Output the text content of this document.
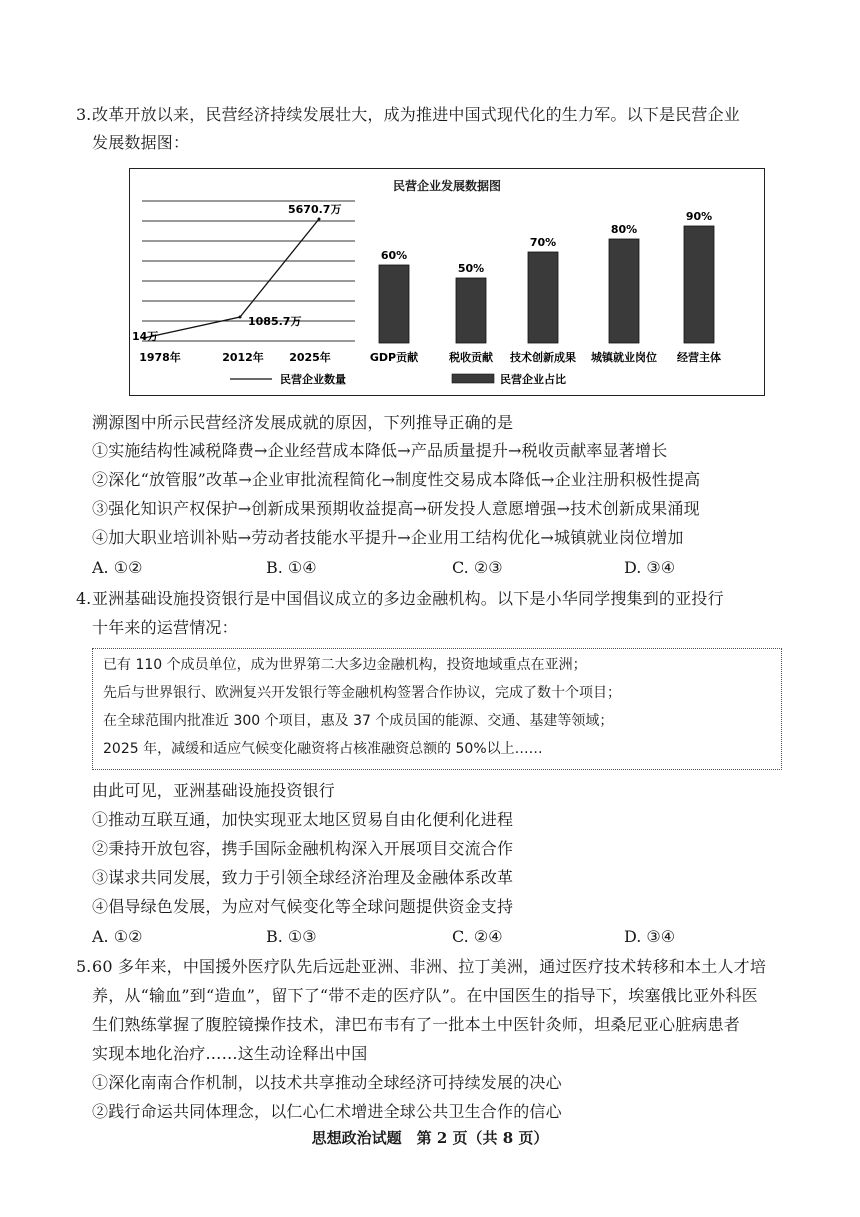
3. 改革开放以来，民营经济持续发展壮大，成为推进中国式现代化的生力军。以下是民营企业
发展数据图：
民营企业发展数据图
14万
1085.7万
5670.7万
1978年	2012年 2025年
60%
GDP贡献
50%
税收贡献
70%
技术创新成果
80%
城镇就业岗位
90%
经营主体
民营企业数量	民营企业占比
溯源图中所示民营经济发展成就的原因，下列推导正确的是
①实施结构性减税降费→企业经营成本降低→产品质量提升→税收贡献率显著增长
②深化“放管服”改革→企业审批流程简化→制度性交易成本降低→企业注册积极性提高
③强化知识产权保护→创新成果预期收益提高→研发投人意愿增强→技术创新成果涌现
④加大职业培训补贴→劳动者技能水平提升→企业用工结构优化→城镇就业岗位增加
A. ①②	B. ①④	C. ②③	D. ③④
4. 亚洲基础设施投资银行是中国倡议成立的多边金融机构。以下是小华同学搜集到的亚投行
十年来的运营情况：
已有 110 个成员单位，成为世界第二大多边金融机构，投资地域重点在亚洲；
先后与世界银行、欧洲复兴开发银行等金融机构签署合作协议，完成了数十个项目；
在全球范围内批准近 300 个项目，惠及 37 个成员国的能源、交通、基建等领域；
2025 年，减缓和适应气候变化融资将占核准融资总额的 50%以上……
由此可见，亚洲基础设施投资银行
①推动互联互通，加快实现亚太地区贸易自由化便利化进程
②秉持开放包容，携手国际金融机构深入开展项目交流合作
③谋求共同发展，致力于引领全球经济治理及金融体系改革
④倡导绿色发展，为应对气候变化等全球问题提供资金支持
A. ①②	B. ①③	C. ②④	D. ③④
5. 60 多年来，中国援外医疗队先后远赴亚洲、非洲、拉丁美洲，通过医疗技术转移和本土人才培
养，从“输血”到“造血”，留下了“带不走的医疗队”。在中国医生的指导下，埃塞俄比亚外科医
生们熟练掌握了腹腔镜操作技术，津巴布韦有了一批本土中医针灸师，坦桑尼亚心脏病患者
实现本地化治疗……这生动诠释出中国
①深化南南合作机制，以技术共享推动全球经济可持续发展的决心
②践行命运共同体理念，以仁心仁术增进全球公共卫生合作的信心
思想政治试题　第 2 页（共 8 页）
